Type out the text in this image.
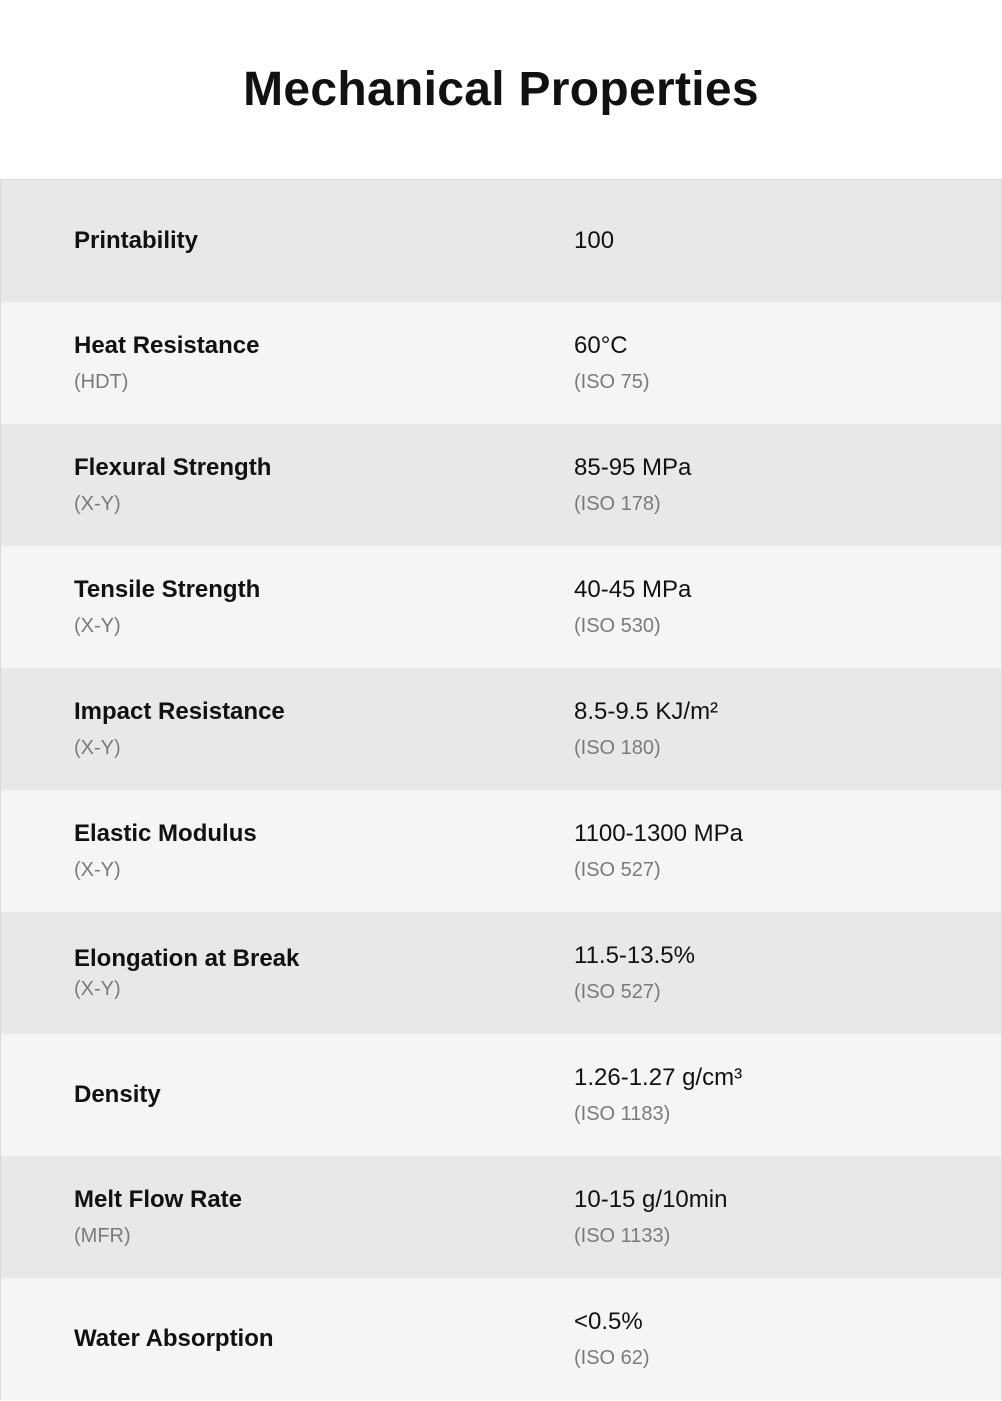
Mechanical Properties
Printability	100
Heat Resistance
(HDT)
60°C
(ISO 75)
Flexural Strength
(X-Y)
85-95 MPa
(ISO 178)
Tensile Strength
(X-Y)
40-45 MPa
(ISO 530)
Impact Resistance
(X-Y)
8.5-9.5 KJ/m²
(ISO 180)
Elastic Modulus
(X-Y)
1100-1300 MPa
(ISO 527)
Elongation at Break
(X-Y)
11.5-13.5%
(ISO 527)
Density
1.26-1.27 g/cm³
(ISO 1183)
Melt Flow Rate
(MFR)
10-15 g/10min
(ISO 1133)
Water Absorption
<0.5%
(ISO 62)
